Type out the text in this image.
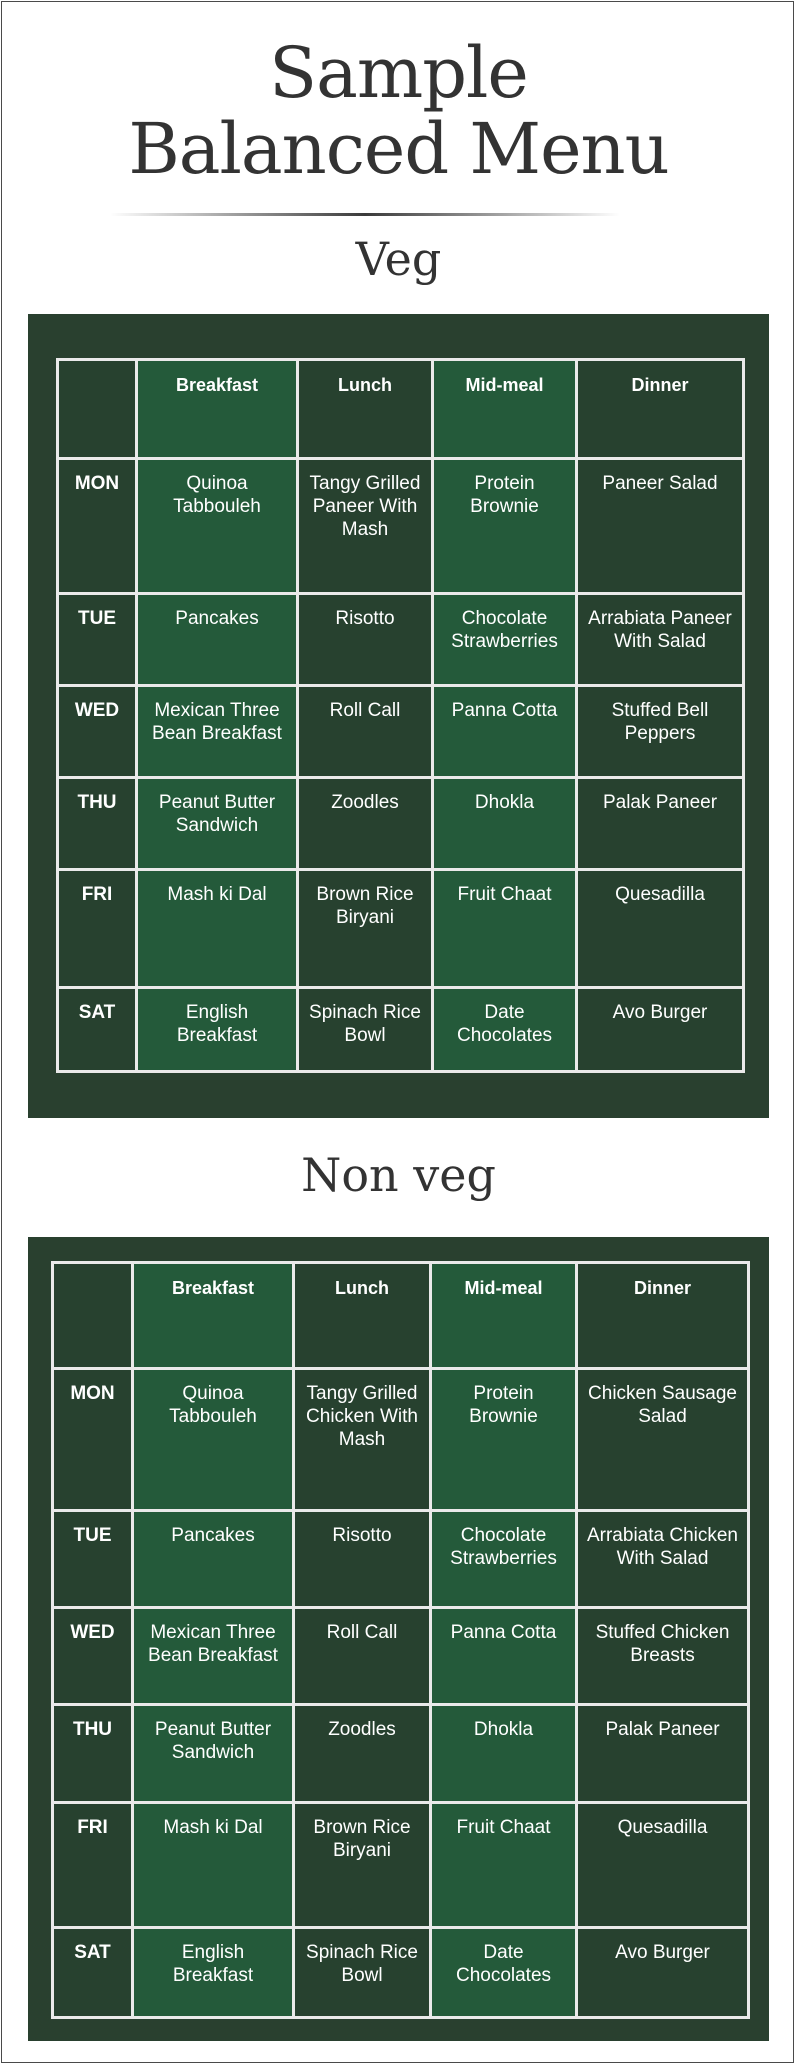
Sample
Balanced Menu
Veg
	Breakfast	Lunch	Mid-meal	Dinner
MON	Quinoa Tabbouleh	Tangy Grilled Paneer With Mash	Protein Brownie	Paneer Salad
TUE	Pancakes	Risotto	Chocolate Strawberries	Arrabiata Paneer With Salad
WED	Mexican Three Bean Breakfast	Roll Call	Panna Cotta	Stuffed Bell Peppers
THU	Peanut Butter Sandwich	Zoodles	Dhokla	Palak Paneer
FRI	Mash ki Dal	Brown Rice Biryani	Fruit Chaat	Quesadilla
SAT	English Breakfast	Spinach Rice Bowl	Date Chocolates	Avo Burger
Non veg
	Breakfast	Lunch	Mid-meal	Dinner
MON	Quinoa Tabbouleh	Tangy Grilled Chicken With Mash	Protein Brownie	Chicken Sausage Salad
TUE	Pancakes	Risotto	Chocolate Strawberries	Arrabiata Chicken With Salad
WED	Mexican Three Bean Breakfast	Roll Call	Panna Cotta	Stuffed Chicken Breasts
THU	Peanut Butter Sandwich	Zoodles	Dhokla	Palak Paneer
FRI	Mash ki Dal	Brown Rice Biryani	Fruit Chaat	Quesadilla
SAT	English Breakfast	Spinach Rice Bowl	Date Chocolates	Avo Burger
